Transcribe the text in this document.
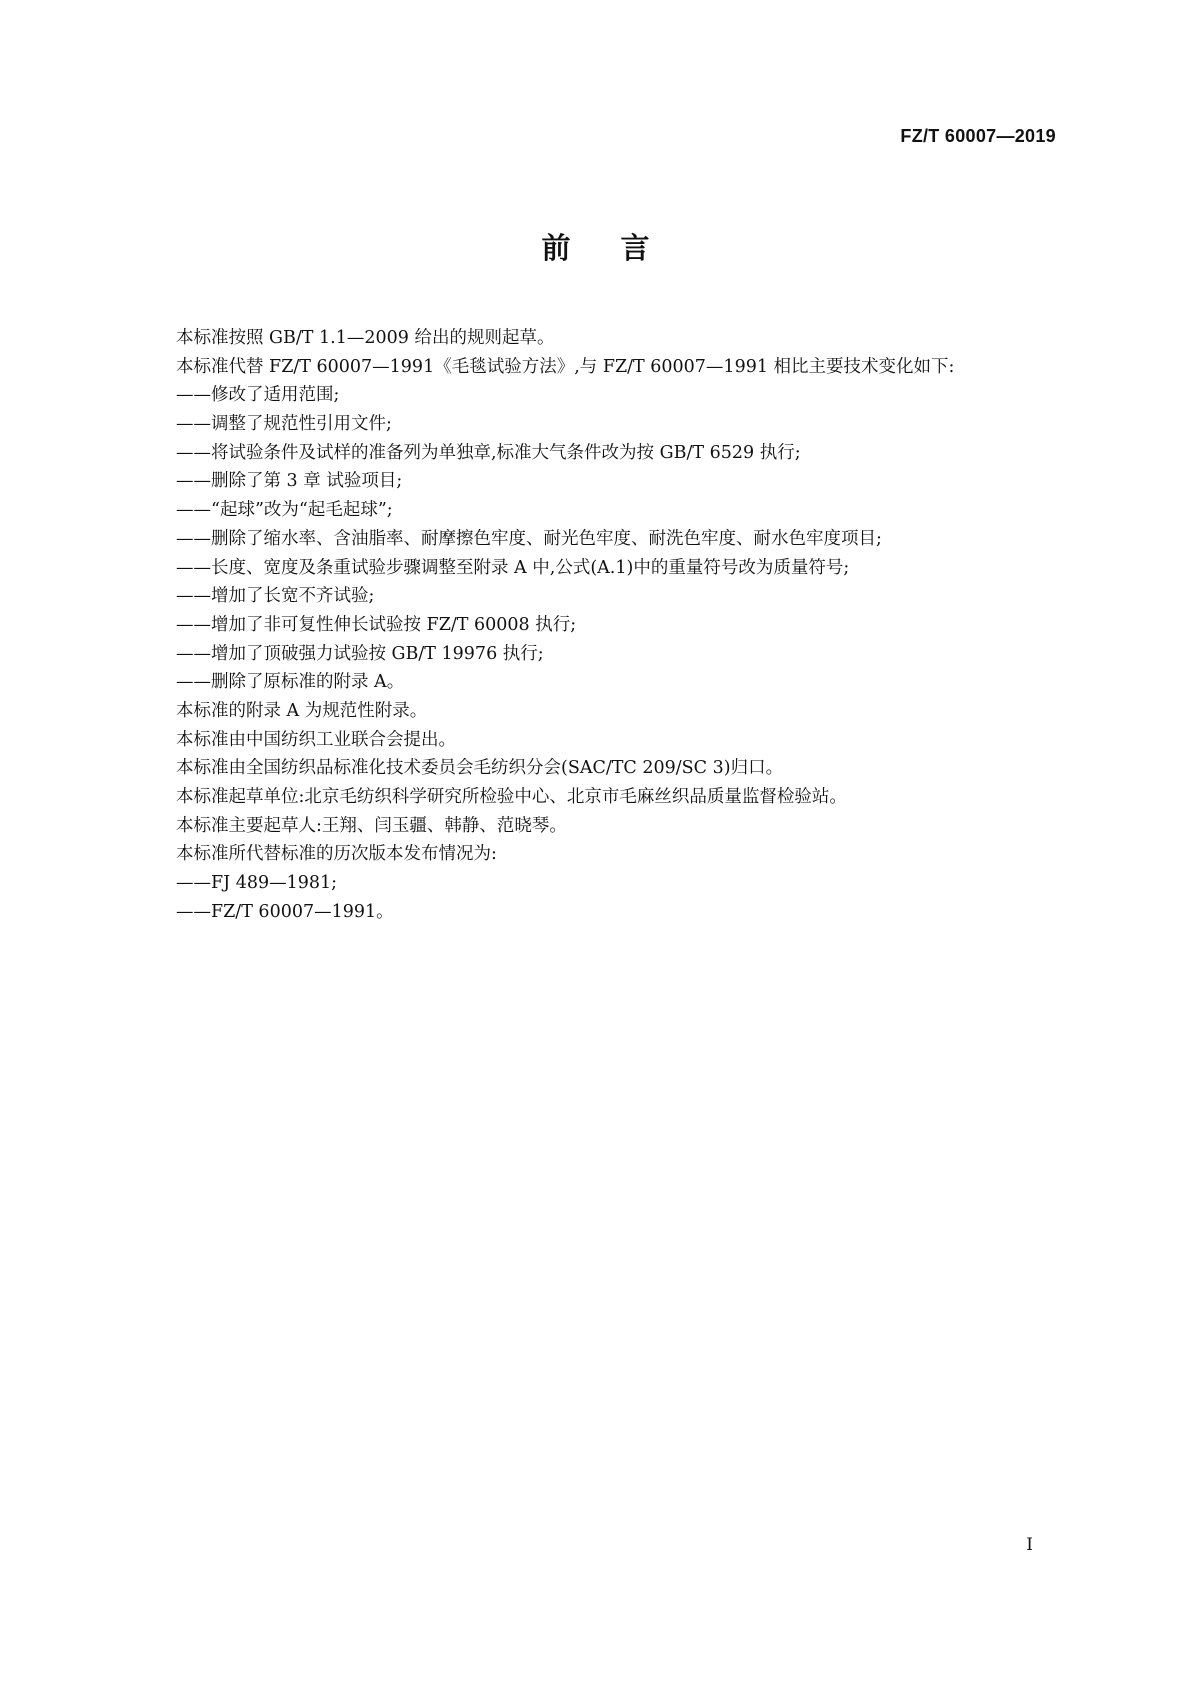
FZ/T 60007—2019
前言
本标准按照 GB/T 1.1—2009 给出的规则起草。
本标准代替 FZ/T 60007—1991《毛毯试验方法》,与 FZ/T 60007—1991 相比主要技术变化如下:
——修改了适用范围;
——调整了规范性引用文件;
——将试验条件及试样的准备列为单独章,标准大气条件改为按 GB/T 6529 执行;
——删除了第 3 章 试验项目;
——“起球”改为“起毛起球”;
——删除了缩水率、含油脂率、耐摩擦色牢度、耐光色牢度、耐洗色牢度、耐水色牢度项目;
——长度、宽度及条重试验步骤调整至附录 A 中,公式(A.1)中的重量符号改为质量符号;
——增加了长宽不齐试验;
——增加了非可复性伸长试验按 FZ/T 60008 执行;
——增加了顶破强力试验按 GB/T 19976 执行;
——删除了原标准的附录 A。
本标准的附录 A 为规范性附录。
本标准由中国纺织工业联合会提出。
本标准由全国纺织品标准化技术委员会毛纺织分会(SAC/TC 209/SC 3)归口。
本标准起草单位:北京毛纺织科学研究所检验中心、北京市毛麻丝织品质量监督检验站。
本标准主要起草人:王翔、闫玉疆、韩静、范晓琴。
本标准所代替标准的历次版本发布情况为:
——FJ 489—1981;
——FZ/T 60007—1991。
I
